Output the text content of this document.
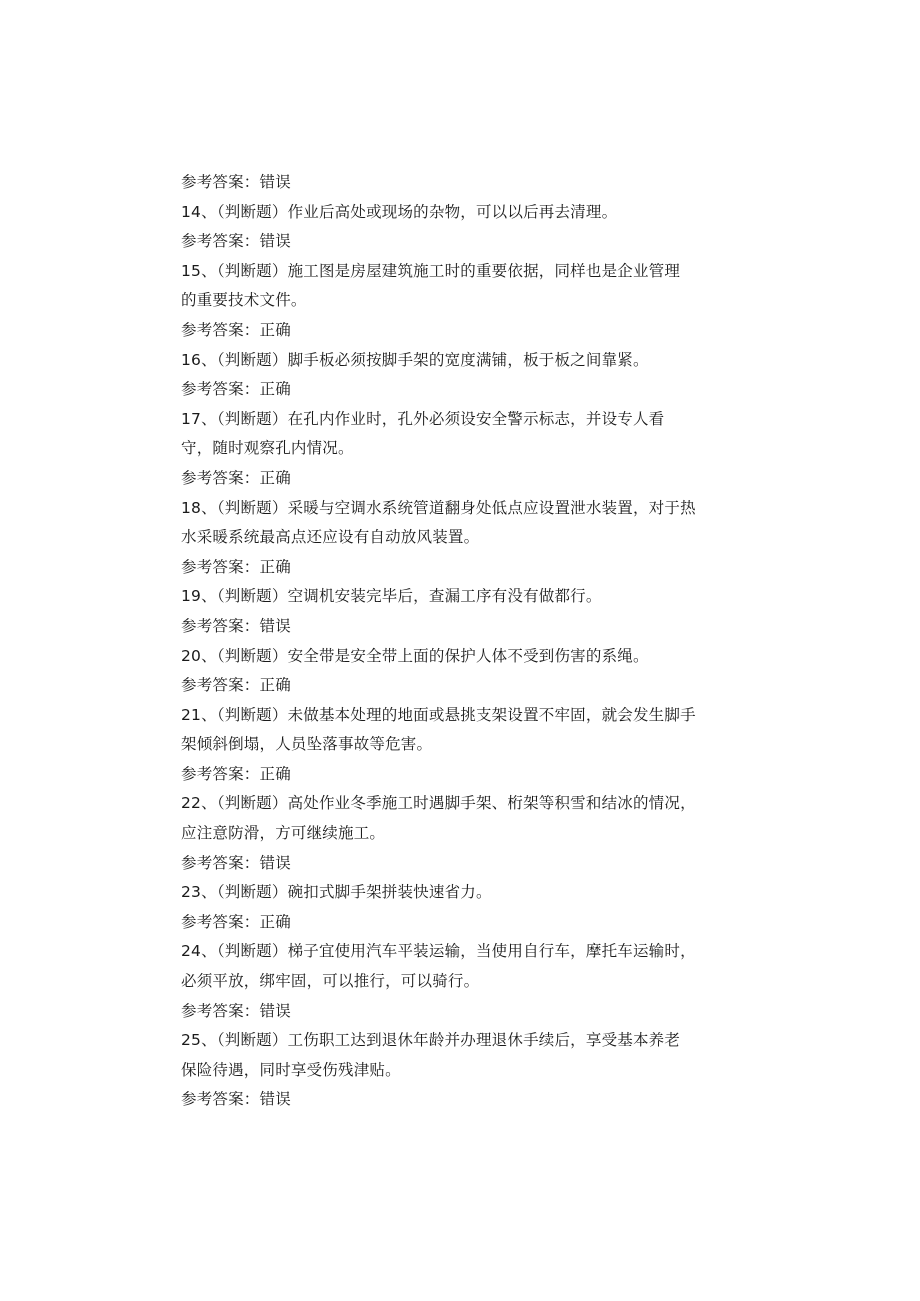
参考答案：错误
14、（判断题）作业后高处或现场的杂物，可以以后再去清理。
参考答案：错误
15、（判断题）施工图是房屋建筑施工时的重要依据，同样也是企业管理
的重要技术文件。
参考答案：正确
16、（判断题）脚手板必须按脚手架的宽度满铺，板于板之间靠紧。
参考答案：正确
17、（判断题）在孔内作业时，孔外必须设安全警示标志，并设专人看
守，随时观察孔内情况。
参考答案：正确
18、（判断题）采暖与空调水系统管道翻身处低点应设置泄水装置，对于热
水采暖系统最高点还应设有自动放风装置。
参考答案：正确
19、（判断题）空调机安装完毕后，查漏工序有没有做都行。
参考答案：错误
20、（判断题）安全带是安全带上面的保护人体不受到伤害的系绳。
参考答案：正确
21、（判断题）未做基本处理的地面或悬挑支架设置不牢固，就会发生脚手
架倾斜倒塌，人员坠落事故等危害。
参考答案：正确
22、（判断题）高处作业冬季施工时遇脚手架、桁架等积雪和结冰的情况，
应注意防滑，方可继续施工。
参考答案：错误
23、（判断题）碗扣式脚手架拼装快速省力。
参考答案：正确
24、（判断题）梯子宜使用汽车平装运输，当使用自行车，摩托车运输时，
必须平放，绑牢固，可以推行，可以骑行。
参考答案：错误
25、（判断题）工伤职工达到退休年龄并办理退休手续后，享受基本养老
保险待遇，同时享受伤残津贴。
参考答案：错误
